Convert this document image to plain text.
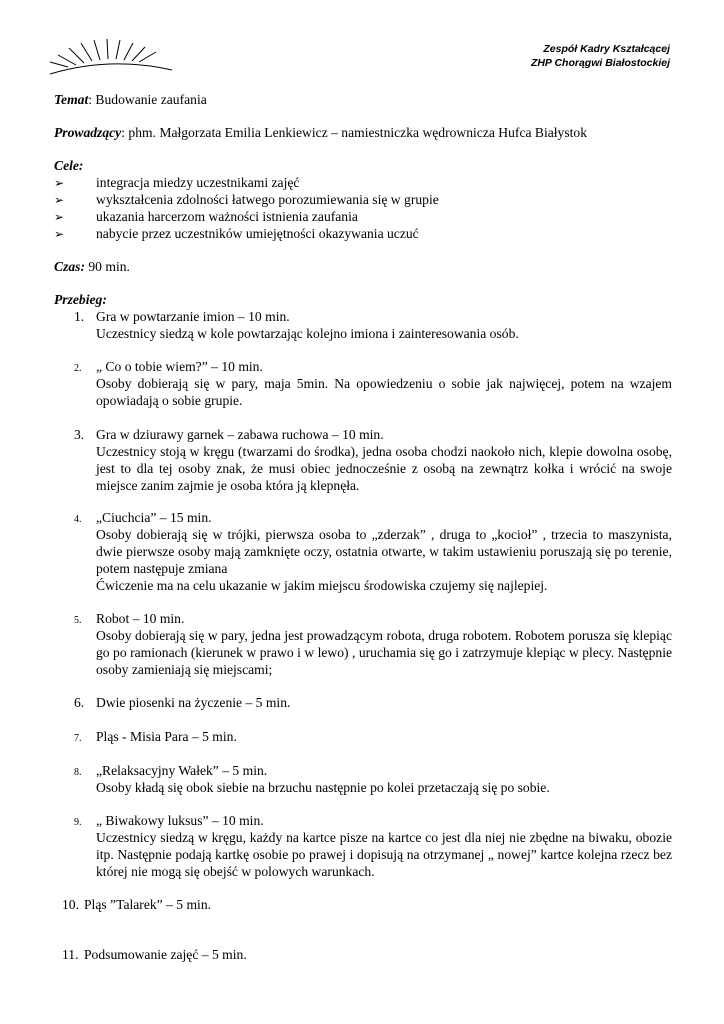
Zespół Kadry Kształcącej
ZHP Chorągwi Białostockiej
Temat: Budowanie zaufania
Prowadzący: phm. Małgorzata Emilia Lenkiewicz – namiestniczka wędrownicza Hufca Białystok
Cele:
➢ integracja miedzy uczestnikami zajęć
➢ wykształcenia zdolności łatwego porozumiewania się w grupie
➢ ukazania harcerzom ważności istnienia zaufania
➢ nabycie przez uczestników umiejętności okazywania uczuć
Czas: 90 min.
Przebieg:
1. Gra w powtarzanie imion – 10 min.
Uczestnicy siedzą w kole powtarzając kolejno imiona i zainteresowania osób.
2.	„ Co o tobie wiem?” – 10 min.
Osoby dobierają się w pary, maja 5min. Na opowiedzeniu o sobie jak najwięcej, potem na wzajem opowiadają o sobie grupie.
3. Gra w dziurawy garnek – zabawa ruchowa – 10 min.
Uczestnicy stoją w kręgu (twarzami do środka), jedna osoba chodzi naokoło nich, klepie dowolna osobę, jest to dla tej osoby znak, że musi obiec jednocześnie z osobą na zewnątrz kołka i wrócić na swoje miejsce zanim zajmie je osoba która ją klepnęła.
4.	„Ciuchcia” – 15 min.
Osoby dobierają się w trójki, pierwsza osoba to „zderzak” , druga to „kocioł” , trzecia to maszynista, dwie pierwsze osoby mają zamknięte oczy, ostatnia otwarte, w takim ustawieniu poruszają się po terenie, potem następuje zmiana
Ćwiczenie ma na celu ukazanie w jakim miejscu środowiska czujemy się najlepiej.
5.	Robot – 10 min.
Osoby dobierają się w pary, jedna jest prowadzącym robota, druga robotem. Robotem porusza się klepiąc go po ramionach (kierunek w prawo i w lewo) , uruchamia się go i zatrzymuje klepiąc w plecy. Następnie osoby zamieniają się miejscami;
6. Dwie piosenki na życzenie – 5 min.
7.	Pląs - Misia Para – 5 min.
8.	„Relaksacyjny Wałek” – 5 min.
Osoby kładą się obok siebie na brzuchu następnie po kolei przetaczają się po sobie.
9.	„ Biwakowy luksus” – 10 min.
Uczestnicy siedzą w kręgu, każdy na kartce pisze na kartce co jest dla niej nie zbędne na biwaku, obozie itp. Następnie podają kartkę osobie po prawej i dopisują na otrzymanej „ nowej” kartce kolejna rzecz bez której nie mogą się obejść w polowych warunkach.
10. Pląs ”Talarek” – 5 min.
11. Podsumowanie zajęć – 5 min.
